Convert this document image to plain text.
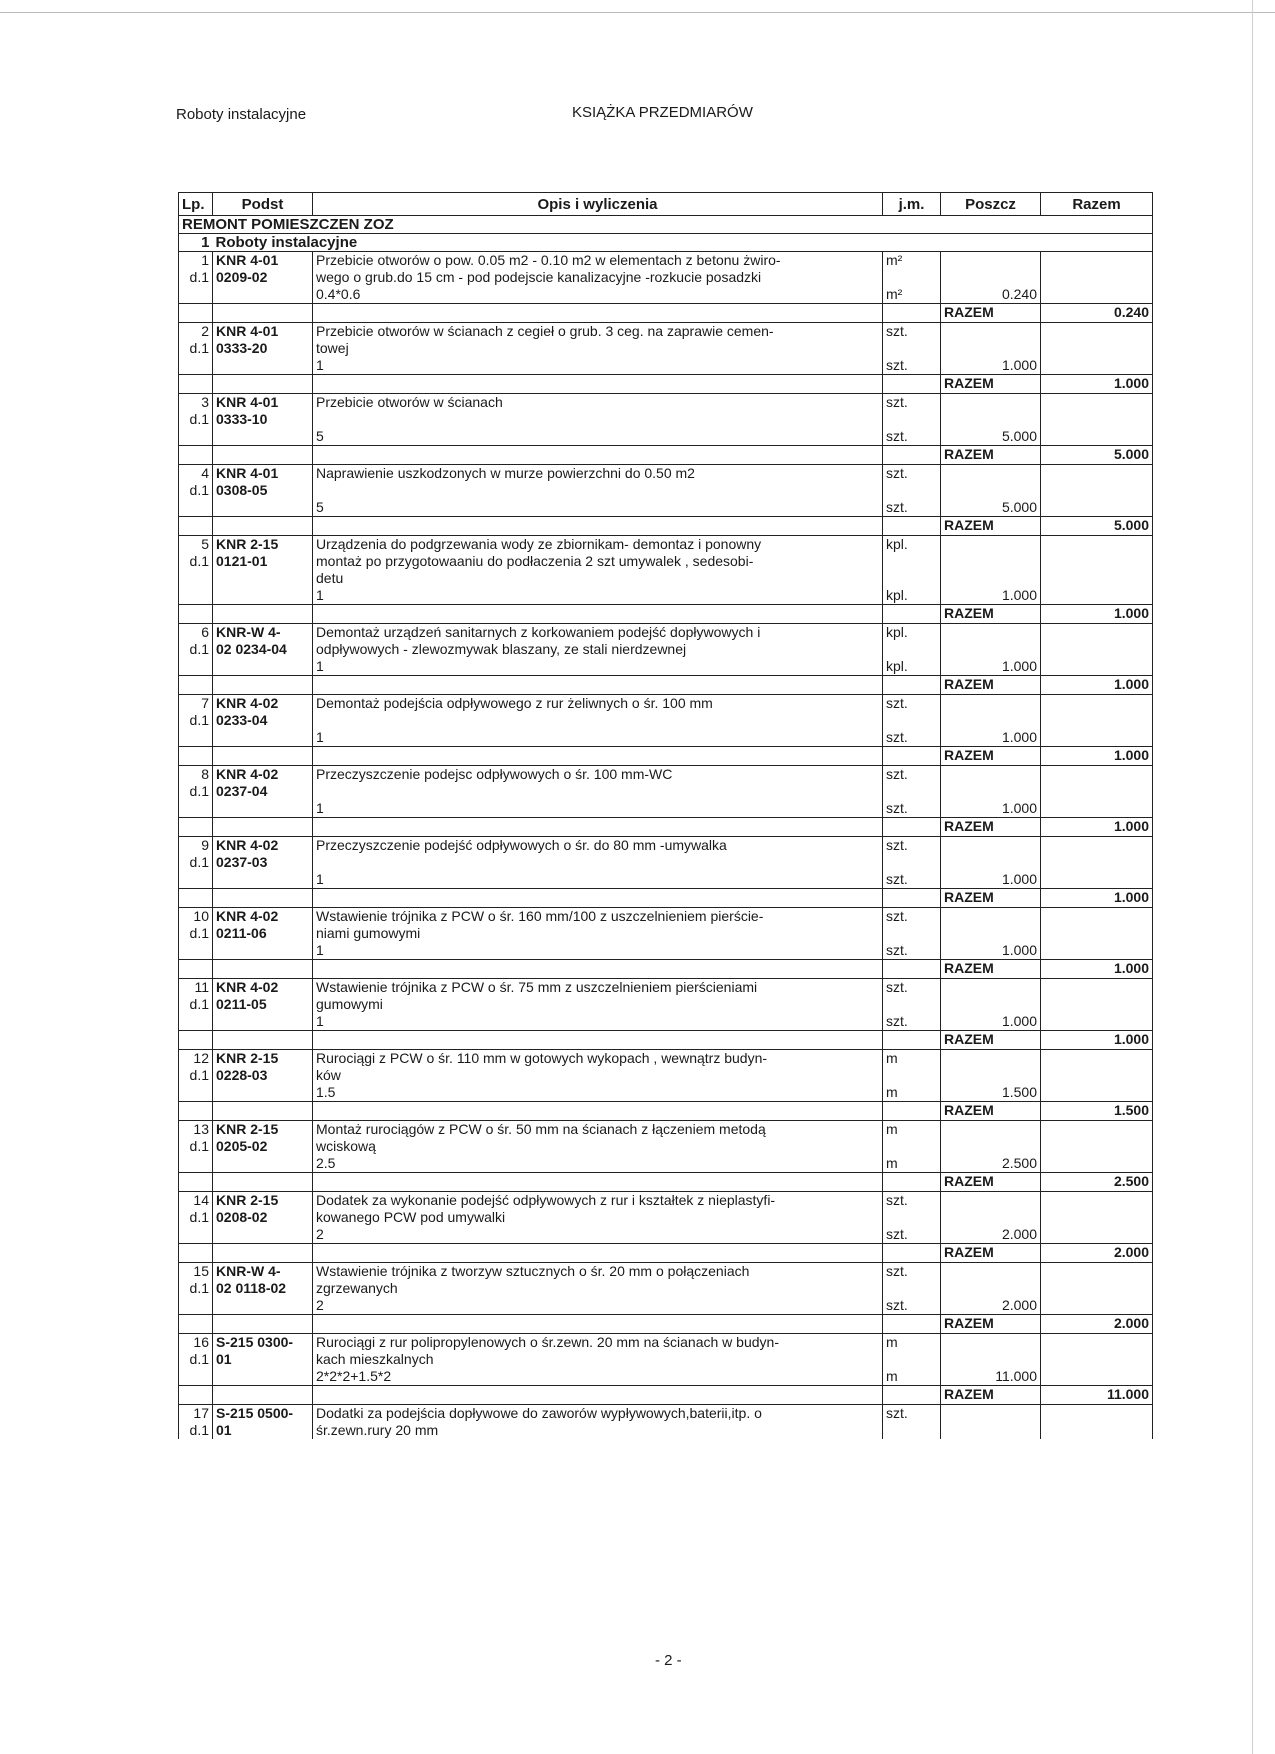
Roboty instalacyjne	KSIĄŻKA PRZEDMIARÓW
Lp.	Podst	Opis i wyliczenia	j.m.	Poszcz	Razem
REMONT POMIESZCZEN ZOZ					
1	Roboty instalacyjne				
1	KNR 4-01	Przebicie otworów o pow. 0.05 m2 - 0.10 m2 w elementach z betonu żwiro-	m²		
d.1	0209-02	wego o grub.do 15 cm - pod podejscie kanalizacyjne -rozkucie posadzki			
		0.4*0.6	m²	0.240	
				RAZEM	0.240
2	KNR 4-01	Przebicie otworów w ścianach z cegieł o grub. 3 ceg. na zaprawie cemen-	szt.		
d.1	0333-20	towej			
		1	szt.	1.000	
				RAZEM	1.000
3	KNR 4-01	Przebicie otworów w ścianach	szt.		
d.1	0333-10				
		5	szt.	5.000	
				RAZEM	5.000
4	KNR 4-01	Naprawienie uszkodzonych w murze powierzchni do 0.50 m2	szt.		
d.1	0308-05				
		5	szt.	5.000	
				RAZEM	5.000
5	KNR 2-15	Urządzenia do podgrzewania wody ze zbiornikam- demontaz i ponowny	kpl.		
d.1	0121-01	montaż po przygotowaaniu do podłaczenia 2 szt umywalek , sedesobi-			
		detu			
		1	kpl.	1.000	
				RAZEM	1.000
6	KNR-W 4-	Demontaż urządzeń sanitarnych z korkowaniem podejść dopływowych i	kpl.		
d.1	02 0234-04	odpływowych - zlewozmywak blaszany, ze stali nierdzewnej			
		1	kpl.	1.000	
				RAZEM	1.000
7	KNR 4-02	Demontaż podejścia odpływowego z rur żeliwnych o śr. 100 mm	szt.		
d.1	0233-04				
		1	szt.	1.000	
				RAZEM	1.000
8	KNR 4-02	Przeczyszczenie podejsc odpływowych o śr. 100 mm-WC	szt.		
d.1	0237-04				
		1	szt.	1.000	
				RAZEM	1.000
9	KNR 4-02	Przeczyszczenie podejść odpływowych o śr. do 80 mm -umywalka	szt.		
d.1	0237-03				
		1	szt.	1.000	
				RAZEM	1.000
10	KNR 4-02	Wstawienie trójnika z PCW o śr. 160 mm/100 z uszczelnieniem pierście-	szt.		
d.1	0211-06	niami gumowymi			
		1	szt.	1.000	
				RAZEM	1.000
11	KNR 4-02	Wstawienie trójnika z PCW o śr. 75 mm z uszczelnieniem pierścieniami	szt.		
d.1	0211-05	gumowymi			
		1	szt.	1.000	
				RAZEM	1.000
12	KNR 2-15	Rurociągi z PCW o śr. 110 mm w gotowych wykopach , wewnątrz budyn-	m		
d.1	0228-03	ków			
		1.5	m	1.500	
				RAZEM	1.500
13	KNR 2-15	Montaż rurociągów z PCW o śr. 50 mm na ścianach z łączeniem metodą	m		
d.1	0205-02	wciskową			
		2.5	m	2.500	
				RAZEM	2.500
14	KNR 2-15	Dodatek za wykonanie podejść odpływowych z rur i kształtek z nieplastyfi-	szt.		
d.1	0208-02	kowanego PCW pod umywalki			
		2	szt.	2.000	
				RAZEM	2.000
15	KNR-W 4-	Wstawienie trójnika z tworzyw sztucznych o śr. 20 mm o połączeniach	szt.		
d.1	02 0118-02	zgrzewanych			
		2	szt.	2.000	
				RAZEM	2.000
16	S-215 0300-	Rurociągi z rur polipropylenowych o śr.zewn. 20 mm na ścianach w budyn-	m		
d.1	01	kach mieszkalnych			
		2*2*2+1.5*2	m	11.000	
				RAZEM	11.000
17	S-215 0500-	Dodatki za podejścia dopływowe do zaworów wypływowych,baterii,itp. o	szt.		
d.1	01	śr.zewn.rury 20 mm			
- 2 -
